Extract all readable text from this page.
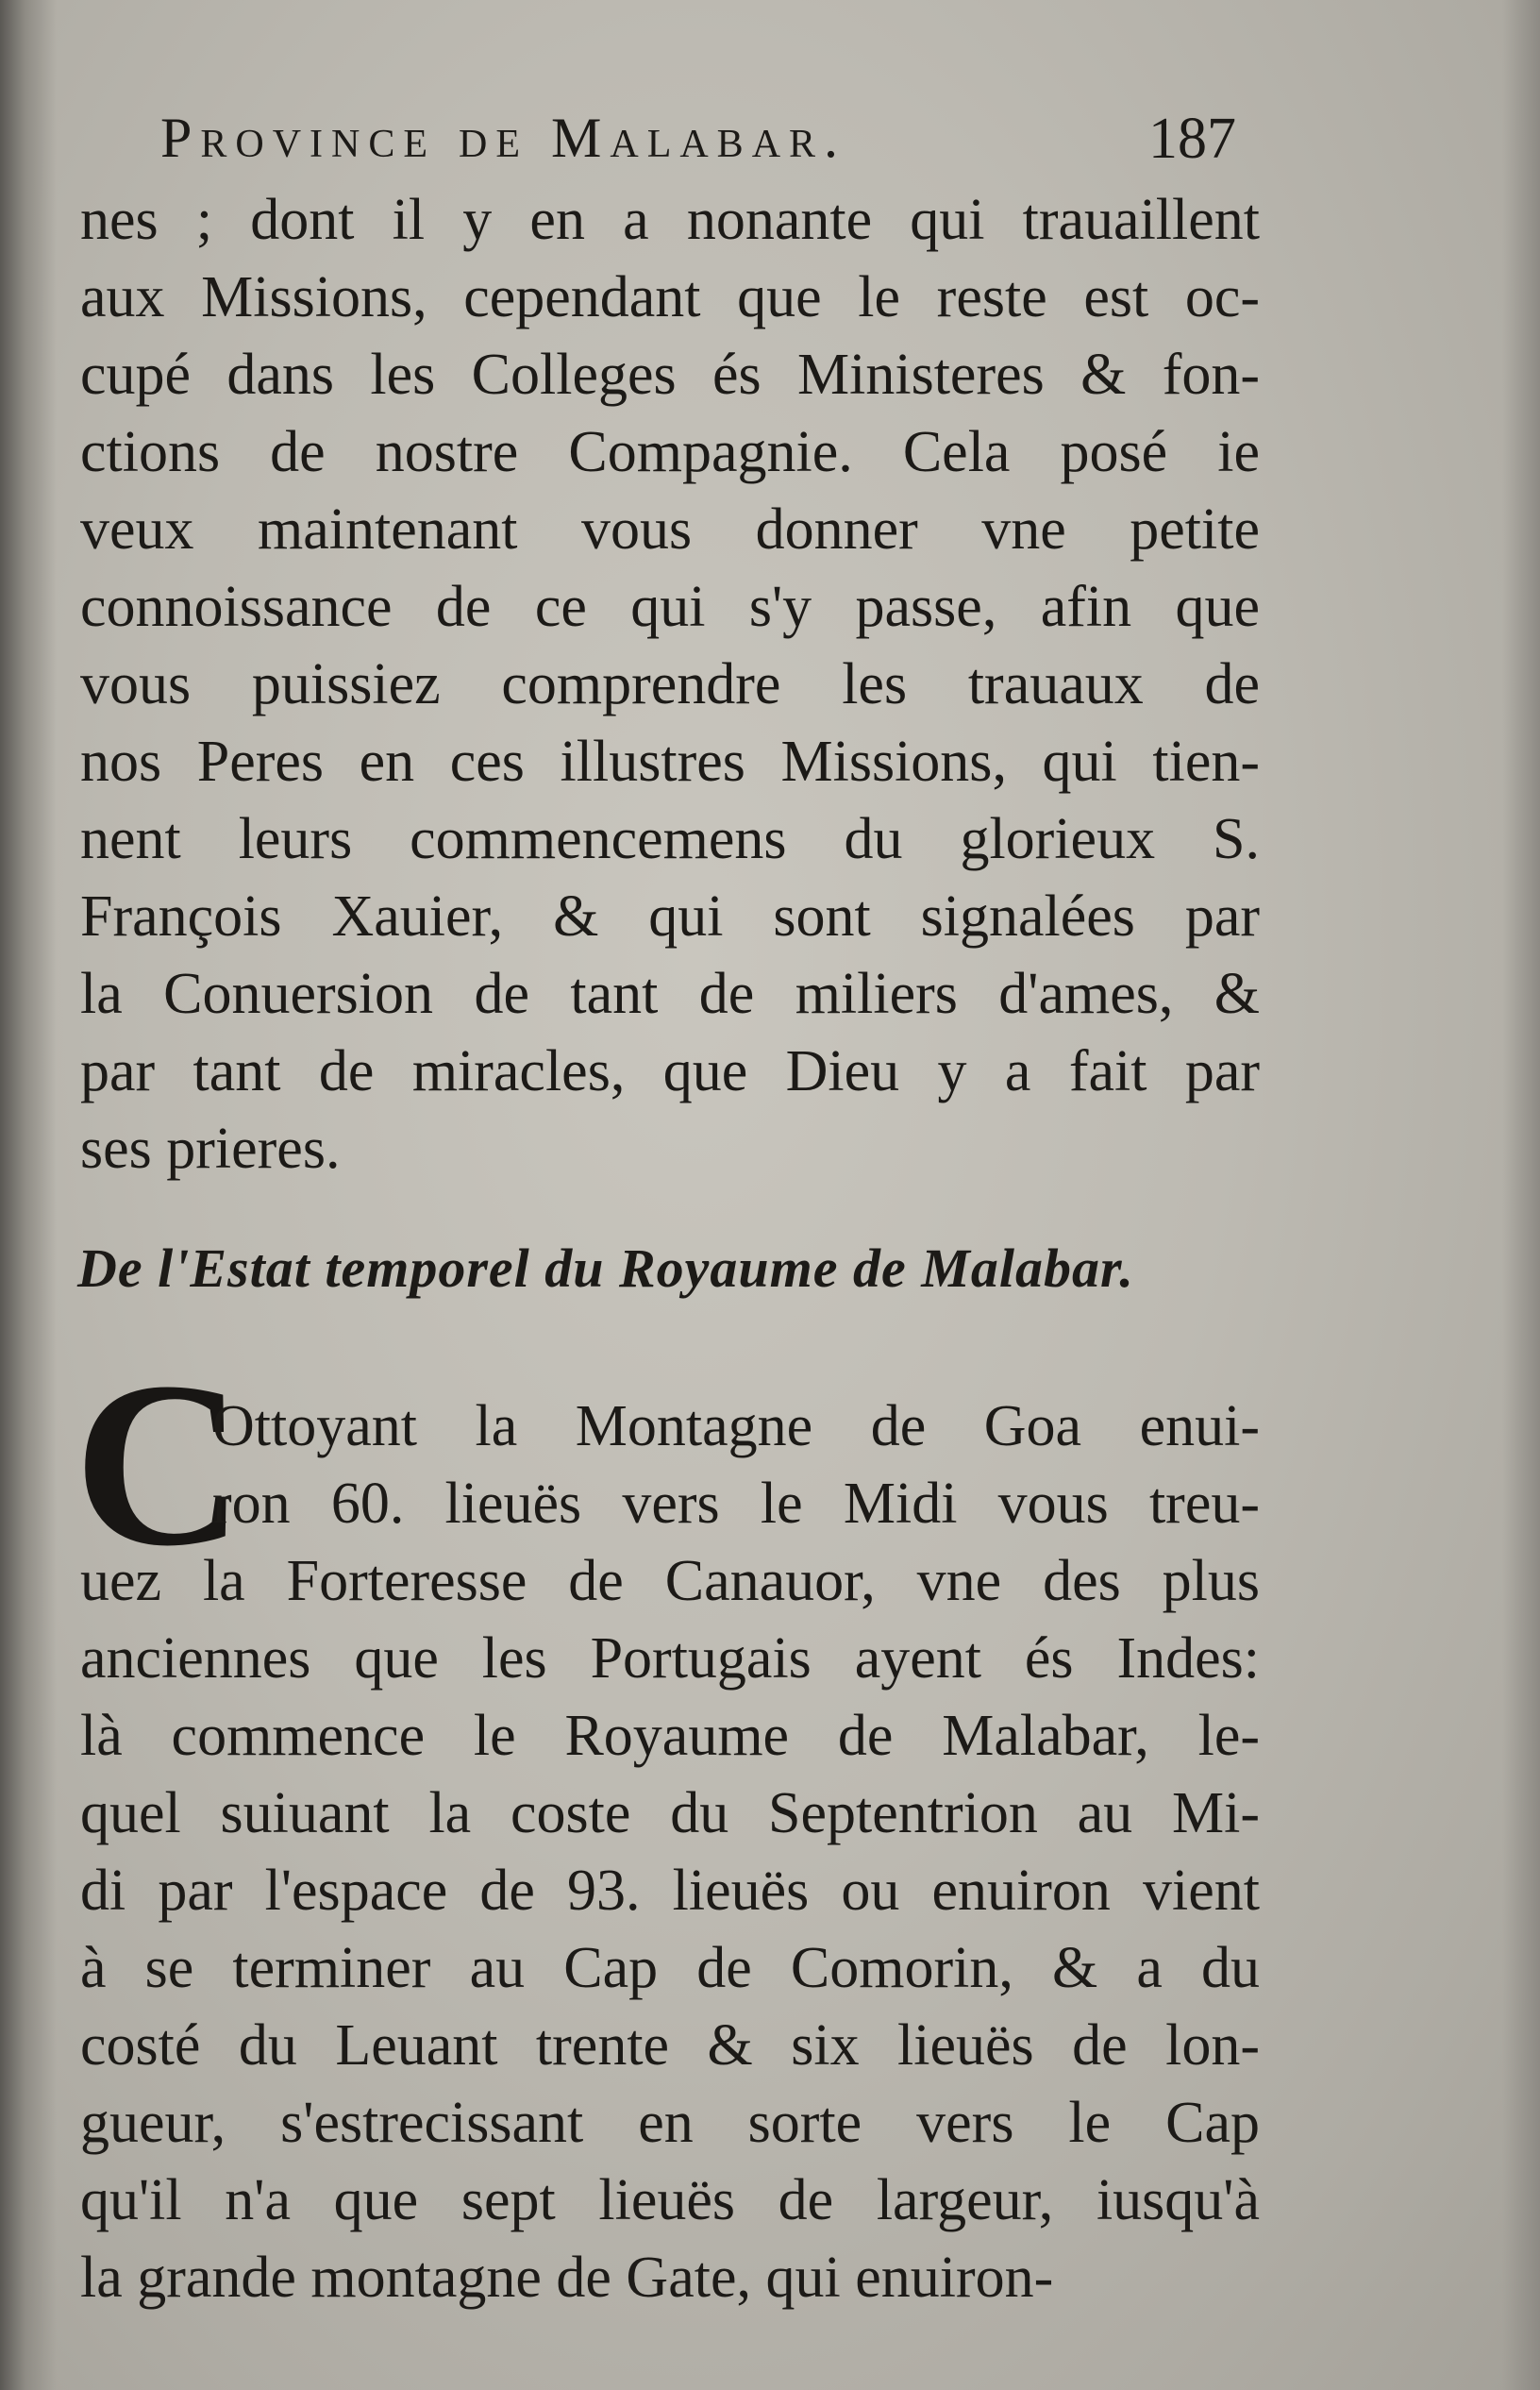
Province de Malabar.	187
nes ; dont il y en a nonante qui trauaillent
aux Missions, cependant que le reste est oc-
cupé dans les Colleges és Ministeres & fon-
ctions de nostre Compagnie. Cela posé ie
veux maintenant vous donner vne petite
connoissance de ce qui s'y passe, afin que
vous puissiez comprendre les trauaux de
nos Peres en ces illustres Missions, qui tien-
nent leurs commencemens du glorieux S.
François Xauier, & qui sont signalées par
la Conuersion de tant de miliers d'ames, &
par tant de miracles, que Dieu y a fait par
ses prieres.
De l'Estat temporel du Royaume de Malabar.
C
Ottoyant la Montagne de Goa enui-
ron 60. lieuës vers le Midi vous treu-
uez la Forteresse de Canauor, vne des plus
anciennes que les Portugais ayent és Indes:
là commence le Royaume de Malabar, le-
quel suiuant la coste du Septentrion au Mi-
di par l'espace de 93. lieuës ou enuiron vient
à se terminer au Cap de Comorin, & a du
costé du Leuant trente & six lieuës de lon-
gueur, s'estrecissant en sorte vers le Cap
qu'il n'a que sept lieuës de largeur, iusqu'à
la grande montagne de Gate, qui enuiron-
